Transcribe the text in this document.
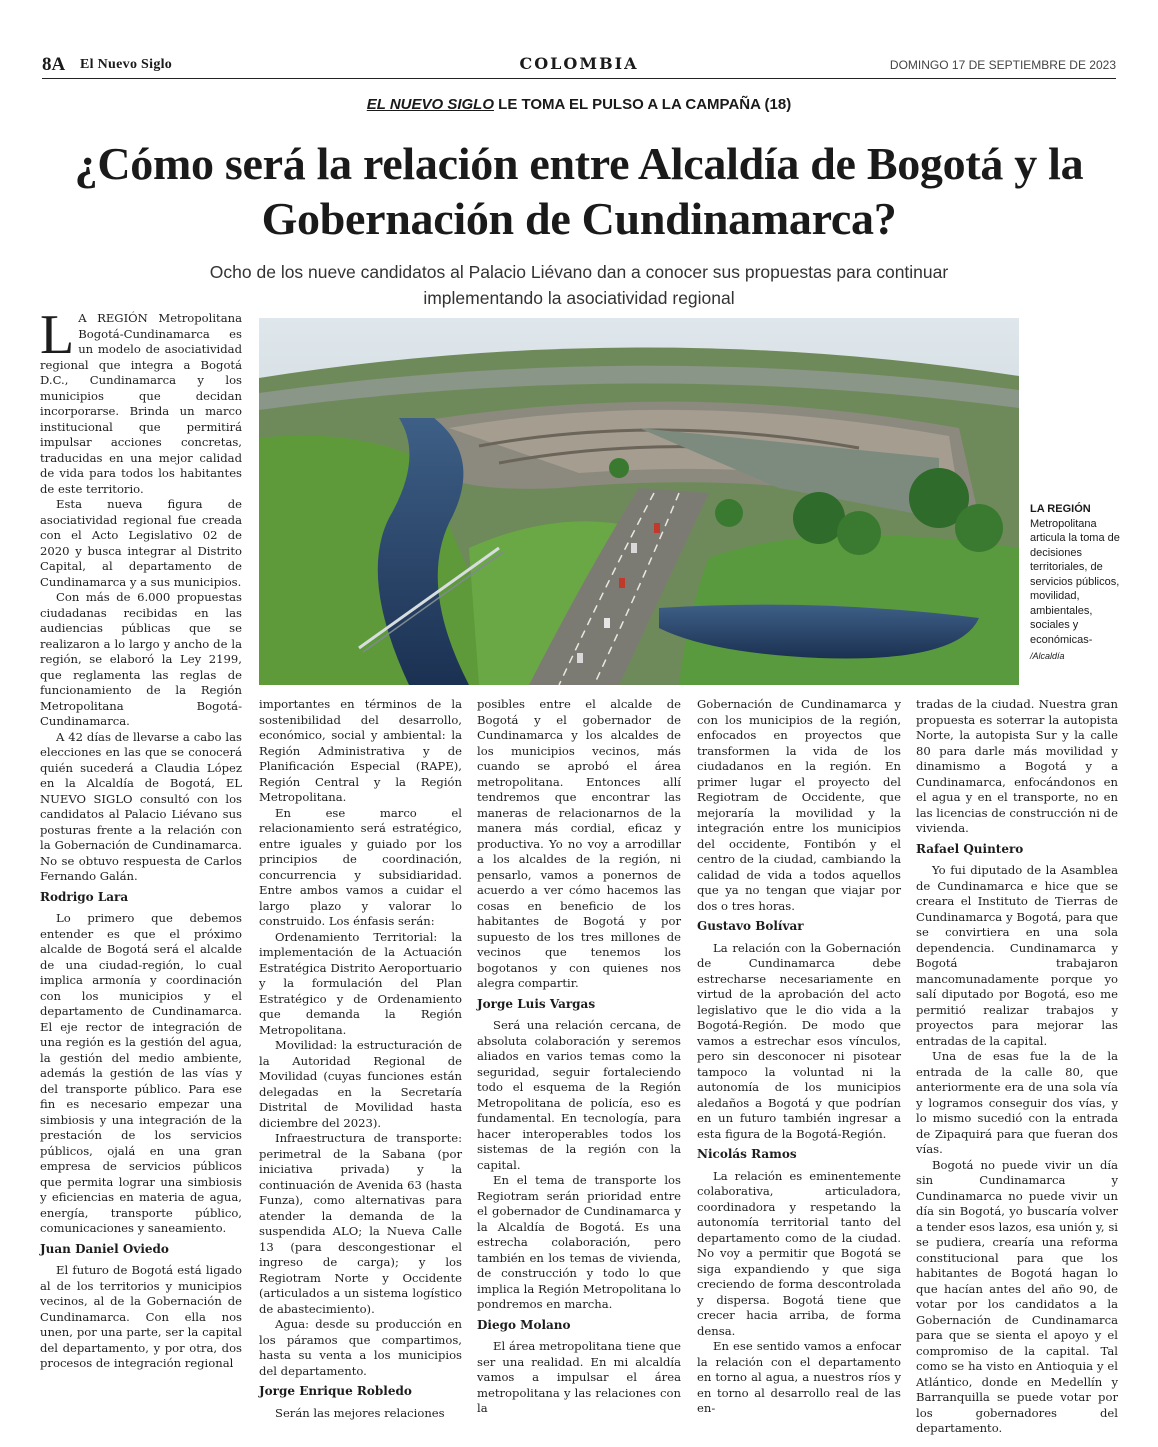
8A El Nuevo Siglo	COLOMBIA	DOMINGO 17 DE SEPTIEMBRE DE 2023
EL NUEVO SIGLO LE TOMA EL PULSO A LA CAMPAÑA (18)
¿Cómo será la relación entre Alcaldía de Bogotá y la Gobernación de Cundinamarca?

Ocho de los nueve candidatos al Palacio Liévano dan a conocer sus propuestas para continuar implementando la asociatividad regional

LA REGIÓN
Metropolitana articula la toma de decisiones territoriales, de servicios públicos, movilidad, ambientales, sociales y económicas-
/Alcaldía

L A REGIÓN Metropolitana Bogotá-Cundinamarca es un modelo de asociatividad regional que integra a Bogotá D.C., Cundinamarca y los municipios que decidan incorporarse. Brinda un marco institucional que permitirá impulsar acciones concretas, traducidas en una mejor calidad de vida para todos los habitantes de este territorio.

Esta nueva figura de asociatividad regional fue creada con el Acto Legislativo 02 de 2020 y busca integrar al Distrito Capital, al departamento de Cundinamarca y a sus municipios.

Con más de 6.000 propuestas ciudadanas recibidas en las audiencias públicas que se realizaron a lo largo y ancho de la región, se elaboró la Ley 2199, que reglamenta las reglas de funcionamiento de la Región Metropolitana Bogotá-Cundinamarca.

A 42 días de llevarse a cabo las elecciones en las que se conocerá quién sucederá a Claudia López en la Alcaldía de Bogotá, EL NUEVO SIGLO consultó con los candidatos al Palacio Liévano sus posturas frente a la relación con la Gobernación de Cundinamarca. No se obtuvo respuesta de Carlos Fernando Galán.

Rodrigo Lara

Lo primero que debemos entender es que el próximo alcalde de Bogotá será el alcalde de una ciudad-región, lo cual implica armonía y coordinación con los municipios y el departamento de Cundinamarca. El eje rector de integración de una región es la gestión del agua, la gestión del medio ambiente, además la gestión de las vías y del transporte público. Para ese fin es necesario empezar una simbiosis y una integración de la prestación de los servicios públicos, ojalá en una gran empresa de servicios públicos que permita lograr una simbiosis y eficiencias en materia de agua, energía, transporte público, comunicaciones y saneamiento.

Juan Daniel Oviedo

El futuro de Bogotá está ligado al de los territorios y municipios vecinos, al de la Gobernación de Cundinamarca. Con ella nos unen, por una parte, ser la capital del departamento, y por otra, dos procesos de integración regional

importantes en términos de la sostenibilidad del desarrollo, económico, social y ambiental: la Región Administrativa y de Planificación Especial (RAPE), Región Central y la Región Metropolitana.

En ese marco el relacionamiento será estratégico, entre iguales y guiado por los principios de coordinación, concurrencia y subsidiaridad. Entre ambos vamos a cuidar el largo plazo y valorar lo construido. Los énfasis serán:

Ordenamiento Territorial: la implementación de la Actuación Estratégica Distrito Aeroportuario y la formulación del Plan Estratégico y de Ordenamiento que demanda la Región Metropolitana.

Movilidad: la estructuración de la Autoridad Regional de Movilidad (cuyas funciones están delegadas en la Secretaría Distrital de Movilidad hasta diciembre del 2023).

Infraestructura de transporte: perimetral de la Sabana (por iniciativa privada) y la continuación de Avenida 63 (hasta Funza), como alternativas para atender la demanda de la suspendida ALO; la Nueva Calle 13 (para descongestionar el ingreso de carga); y los Regiotram Norte y Occidente (articulados a un sistema logístico de abastecimiento).

Agua: desde su producción en los páramos que compartimos, hasta su venta a los municipios del departamento.

Jorge Enrique Robledo

Serán las mejores relaciones

posibles entre el alcalde de Bogotá y el gobernador de Cundinamarca y los alcaldes de los municipios vecinos, más cuando se aprobó el área metropolitana. Entonces allí tendremos que encontrar las maneras de relacionarnos de la manera más cordial, eficaz y productiva. Yo no voy a arrodillar a los alcaldes de la región, ni pensarlo, vamos a ponernos de acuerdo a ver cómo hacemos las cosas en beneficio de los habitantes de Bogotá y por supuesto de los tres millones de vecinos que tenemos los bogotanos y con quienes nos alegra compartir.

Jorge Luis Vargas

Será una relación cercana, de absoluta colaboración y seremos aliados en varios temas como la seguridad, seguir fortaleciendo todo el esquema de la Región Metropolitana de policía, eso es fundamental. En tecnología, para hacer interoperables todos los sistemas de la región con la capital.

En el tema de transporte los Regiotram serán prioridad entre el gobernador de Cundinamarca y la Alcaldía de Bogotá. Es una estrecha colaboración, pero también en los temas de vivienda, de construcción y todo lo que implica la Región Metropolitana lo pondremos en marcha.

Diego Molano

El área metropolitana tiene que ser una realidad. En mi alcaldía vamos a impulsar el área metropolitana y las relaciones con la

Gobernación de Cundinamarca y con los municipios de la región, enfocados en proyectos que transformen la vida de los ciudadanos en la región. En primer lugar el proyecto del Regiotram de Occidente, que mejoraría la movilidad y la integración entre los municipios del occidente, Fontibón y el centro de la ciudad, cambiando la calidad de vida a todos aquellos que ya no tengan que viajar por dos o tres horas.

Gustavo Bolívar

La relación con la Gobernación de Cundinamarca debe estrecharse necesariamente en virtud de la aprobación del acto legislativo que le dio vida a la Bogotá-Región. De modo que vamos a estrechar esos vínculos, pero sin desconocer ni pisotear tampoco la voluntad ni la autonomía de los municipios aledaños a Bogotá y que podrían en un futuro también ingresar a esta figura de la Bogotá-Región.

Nicolás Ramos

La relación es eminentemente colaborativa, articuladora, coordinadora y respetando la autonomía territorial tanto del departamento como de la ciudad. No voy a permitir que Bogotá se siga expandiendo y que siga creciendo de forma descontrolada y dispersa. Bogotá tiene que crecer hacia arriba, de forma densa.

En ese sentido vamos a enfocar la relación con el departamento en torno al agua, a nuestros ríos y en torno al desarrollo real de las en-

tradas de la ciudad. Nuestra gran propuesta es soterrar la autopista Norte, la autopista Sur y la calle 80 para darle más movilidad y dinamismo a Bogotá y a Cundinamarca, enfocándonos en el agua y en el transporte, no en las licencias de construcción ni de vivienda.

Rafael Quintero

Yo fui diputado de la Asamblea de Cundinamarca e hice que se creara el Instituto de Tierras de Cundinamarca y Bogotá, para que se convirtiera en una sola dependencia. Cundinamarca y Bogotá trabajaron mancomunadamente porque yo salí diputado por Bogotá, eso me permitió realizar trabajos y proyectos para mejorar las entradas de la capital.

Una de esas fue la de la entrada de la calle 80, que anteriormente era de una sola vía y logramos conseguir dos vías, y lo mismo sucedió con la entrada de Zipaquirá para que fueran dos vías.

Bogotá no puede vivir un día sin Cundinamarca y Cundinamarca no puede vivir un día sin Bogotá, yo buscaría volver a tender esos lazos, esa unión y, si se pudiera, crearía una reforma constitucional para que los habitantes de Bogotá hagan lo que hacían antes del año 90, de votar por los candidatos a la Gobernación de Cundinamarca para que se sienta el apoyo y el compromiso de la capital. Tal como se ha visto en Antioquia y el Atlántico, donde en Medellín y Barranquilla se puede votar por los gobernadores del departamento.
